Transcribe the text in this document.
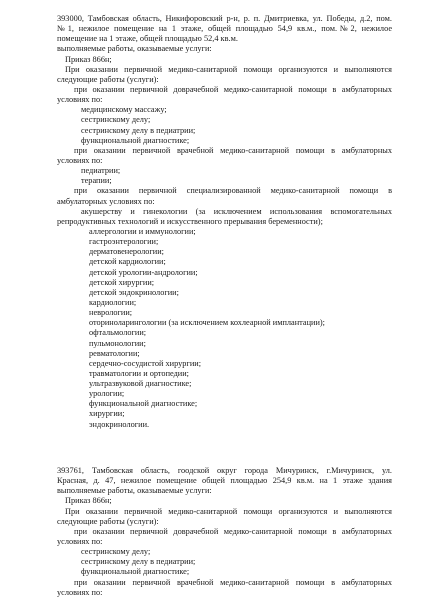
393000, Тамбовская область, Никифоровский р-н, р. п. Дмитриевка, ул. Победы, д.2, пом.
№1, нежилое помещение на 1 этаже, общей площадью 54,9 кв.м., пом.№2, нежилое
помещение на 1 этаже, общей площадью 52,4 кв.м.
выполняемые работы, оказываемые услуги:
Приказ 866н;
При оказании первичной медико-санитарной помощи организуются и выполняются
следующие работы (услуги):
при оказании первичной доврачебной медико-санитарной помощи в амбулаторных
условиях по:
медицинскому массажу;
сестринскому делу;
сестринскому делу в педиатрии;
функциональной диагностике;
при оказании первичной врачебной медико-санитарной помощи в амбулаторных
условиях по:
педиатрии;
терапии;
при оказании первичной специализированной медико-санитарной помощи в
амбулаторных условиях по:
акушерству и гинекологии (за исключением использования вспомогательных
репродуктивных технологий и искусственного прерывания беременности);
аллергологии и иммунологии;
гастроэнтерологии;
дерматовенерологии;
детской кардиологии;
детской урологии-андрологии;
детской хирургии;
детской эндокринологии;
кардиологии;
неврологии;
оториноларингологии (за исключением кохлеарной имплантации);
офтальмологии;
пульмонологии;
ревматологии;
сердечно-сосудистой хирургии;
травматологии и ортопедии;
ультразвуковой диагностике;
урологии;
функциональной диагностике;
хирургии;
эндокринологии.
393761, Тамбовская область, гоодской округ города Мичуринск, г.Мичуринск, ул.
Красная, д. 47, нежилое помещение общей площадью 254,9 кв.м. на 1 этаже здания
выполняемые работы, оказываемые услуги:
Приказ 866н;
При оказании первичной медико-санитарной помощи организуются и выполняются
следующие работы (услуги):
при оказании первичной доврачебной медико-санитарной помощи в амбулаторных
условиях по:
сестринскому делу;
сестринскому делу в педиатрии;
функциональной диагностике;
при оказании первичной врачебной медико-санитарной помощи в амбулаторных
условиях по:
